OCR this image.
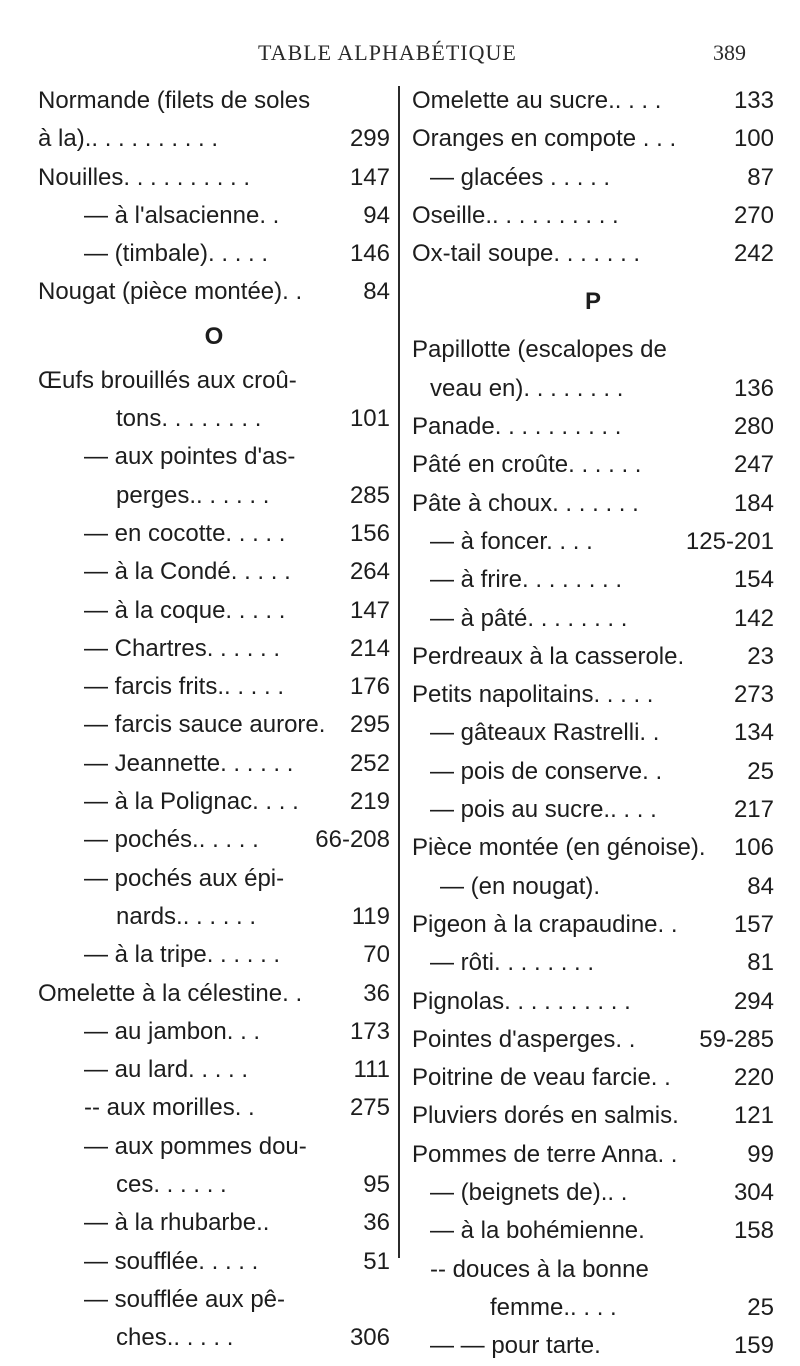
TABLE ALPHABÉTIQUE	389
Normande (filets de soles
à la).. . . . . . . . . .	299
Nouilles. . . . . . . . . .	147
— à l'alsacienne. .	94
— (timbale). . . . .	146
Nougat (pièce montée). .	84
O
Œufs brouillés aux croû-
tons. . . . . . . .	101
— aux pointes d'as-
perges.. . . . . .	285
— en cocotte. . . . .	156
— à la Condé. . . . . 264
— à la coque. . . . .	147
— Chartres. . . . . .	214
— farcis frits.. . . . .	176
— farcis sauce aurore. 295
— Jeannette. . . . . . 252
— à la Polignac. . . . 219
— pochés.. . . . . 66-208
— pochés aux épi-
nards.. . . . . .	119
— à la tripe. . . . . .	70
Omelette à la célestine. .	36
— au jambon. . .	173
— au lard. . . . .	111
-- aux morilles. .	275
— aux pommes dou-
ces. . . . . .	95
— à la rhubarbe..	36
— soufflée. . . . .	51
— soufflée aux pê-
ches.. . . . .	306
Omelette au sucre.. . . .	133
Oranges en compote . . . 100
— glacées . . . . .	87
Oseille.. . . . . . . . . .	270
Ox-tail soupe. . . . . . .	242
P
Papillotte (escalopes de
veau en). . . . . . . .	136
Panade. . . . . . . . . .	280
Pâté en croûte. . . . . .	247
Pâte à choux. . . . . . .	184
— à foncer. . . .	125-201
— à frire. . . . . . . .	154
— à pâté. . . . . . . .	142
Perdreaux à la casserole.	23
Petits napolitains. . . . .	273
— gâteaux Rastrelli. .	134
— pois de conserve. .	25
— pois au sucre.. . . .	217
Pièce montée (en génoise). 106
— (en nougat).	84
Pigeon à la crapaudine. . 157
— rôti. . . . . . . .	81
Pignolas. . . . . . . . . .	294
Pointes d'asperges. .	59-285
Poitrine de veau farcie. .	220
Pluviers dorés en salmis. 121
Pommes de terre Anna. .	99
— (beignets de).. .	304
— à la bohémienne.	158
-- douces à la bonne
femme.. . . .	25
— — pour tarte.	159
